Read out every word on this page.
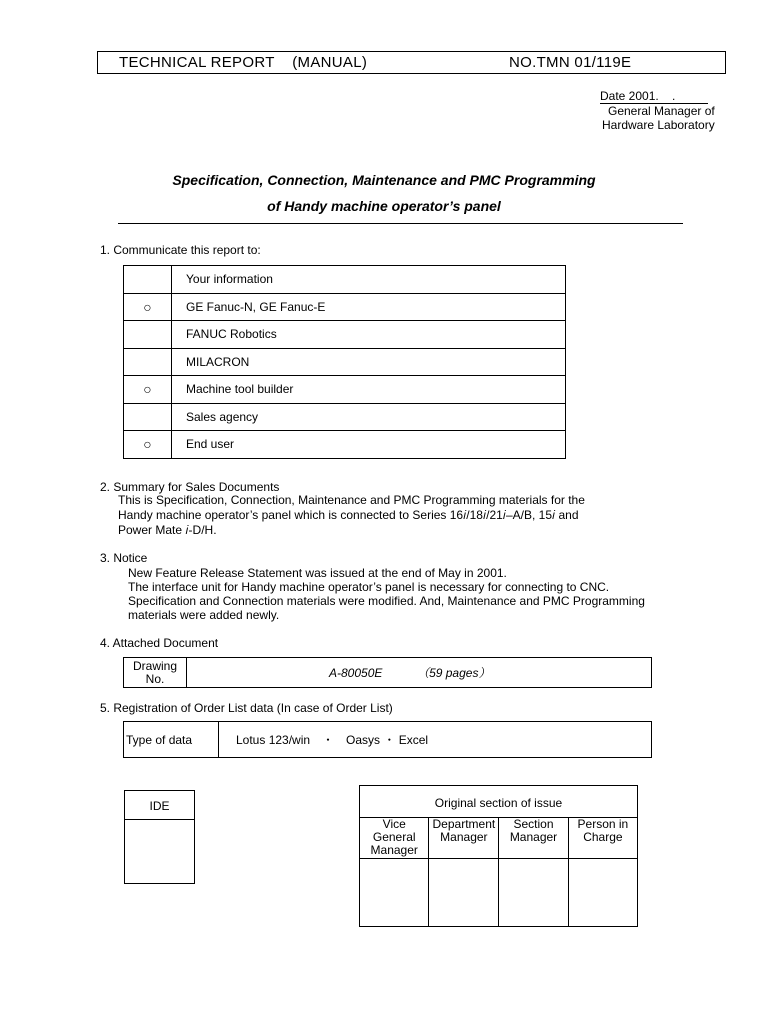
TECHNICAL REPORT    (MANUAL)	NO.TMN 01/119E
Date 2001.    .
General Manager of
Hardware Laboratory
Specification, Connection, Maintenance and PMC Programming
of Handy machine operator’s panel
1. Communicate this report to:
	Your information
○	GE Fanuc-N, GE Fanuc-E
	FANUC Robotics
	MILACRON
○	Machine tool builder
	Sales agency
○	End user
2. Summary for Sales Documents
This is Specification, Connection, Maintenance and PMC Programming materials for the
Handy machine operator’s panel which is connected to Series 16𝑖/18𝑖/21𝑖–A/B, 15𝑖 and
Power Mate 𝑖-D/H.
3. Notice
New Feature Release Statement was issued at the end of May in 2001.
The interface unit for Handy machine operator’s panel is necessary for connecting to CNC.
Specification and Connection materials were modified. And, Maintenance and PMC Programming
materials were added newly.
4. Attached Document
Drawing No.	A-80050E	（59 pages）
5. Registration of Order List data (In case of Order List)
Type of data	Lotus 123/win　・　Oasys ・ Excel
IDE	Original section of issue			
Vice General Manager	Department Manager	Section Manager	Person in Charge
